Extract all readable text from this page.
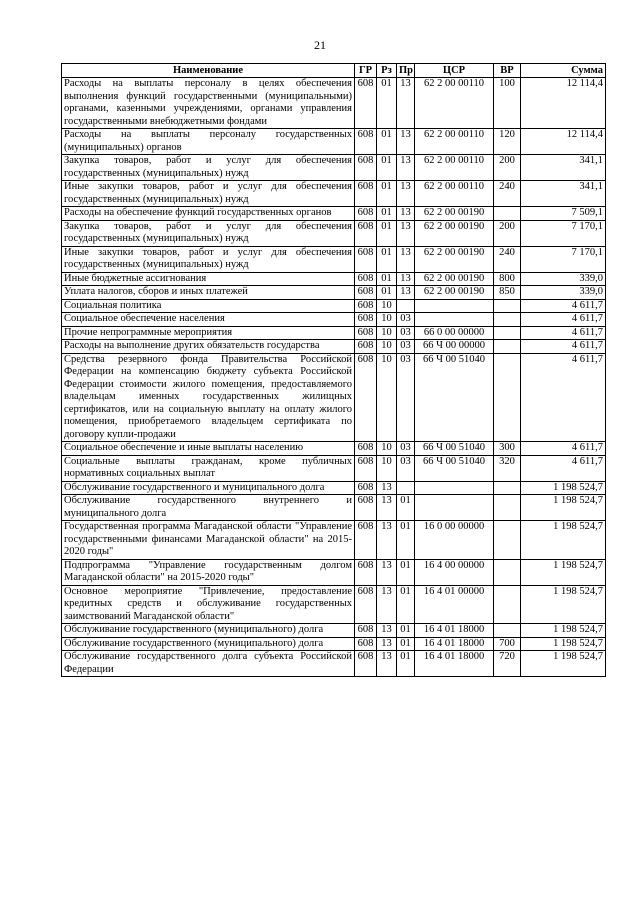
21
Наименование	ГР	Рз	Пр	ЦСР	ВР	Сумма
Расходы на выплаты персоналу в целях обеспечения выполнения функций государственными (муниципальными) органами, казенными учреждениями, органами управления государственными внебюджетными фондами	608	01	13	62 2 00 00110	100	12 114,4
Расходы на выплаты персоналу государственных (муниципальных) органов	608	01	13	62 2 00 00110	120	12 114,4
Закупка товаров, работ и услуг для обеспечения государственных (муниципальных) нужд	608	01	13	62 2 00 00110	200	341,1
Иные закупки товаров, работ и услуг для обеспечения государственных (муниципальных) нужд	608	01	13	62 2 00 00110	240	341,1
Расходы на обеспечение функций государственных органов	608	01	13	62 2 00 00190		7 509,1
Закупка товаров, работ и услуг для обеспечения государственных (муниципальных) нужд	608	01	13	62 2 00 00190	200	7 170,1
Иные закупки товаров, работ и услуг для обеспечения государственных (муниципальных) нужд	608	01	13	62 2 00 00190	240	7 170,1
Иные бюджетные ассигнования	608	01	13	62 2 00 00190	800	339,0
Уплата налогов, сборов и иных платежей	608	01	13	62 2 00 00190	850	339,0
Социальная политика	608	10				4 611,7
Социальное обеспечение населения	608	10	03			4 611,7
Прочие непрограммные мероприятия	608	10	03	66 0 00 00000		4 611,7
Расходы на выполнение других обязательств государства	608	10	03	66 Ч 00 00000		4 611,7
Средства резервного фонда Правительства Российской Федерации на компенсацию бюджету субъекта Российской Федерации стоимости жилого помещения, предоставляемого владельцам именных государственных жилищных сертификатов, или на социальную выплату на оплату жилого помещения, приобретаемого владельцем сертификата по договору купли-продажи	608	10	03	66 Ч 00 51040		4 611,7
Социальное обеспечение и иные выплаты населению	608	10	03	66 Ч 00 51040	300	4 611,7
Социальные выплаты гражданам, кроме публичных нормативных социальных выплат	608	10	03	66 Ч 00 51040	320	4 611,7
Обслуживание государственного и муниципального долга	608	13				1 198 524,7
Обслуживание государственного внутреннего и муниципального долга	608	13	01			1 198 524,7
Государственная программа Магаданской области "Управление государственными финансами Магаданской области" на 2015-2020 годы"	608	13	01	16 0 00 00000		1 198 524,7
Подпрограмма "Управление государственным долгом Магаданской области" на 2015-2020 годы"	608	13	01	16 4 00 00000		1 198 524,7
Основное мероприятие "Привлечение, предоставление кредитных средств и обслуживание государственных заимствований Магаданской области"	608	13	01	16 4 01 00000		1 198 524,7
Обслуживание государственного (муниципального) долга	608	13	01	16 4 01 18000		1 198 524,7
Обслуживание государственного (муниципального) долга	608	13	01	16 4 01 18000	700	1 198 524,7
Обслуживание государственного долга субъекта Российской Федерации	608	13	01	16 4 01 18000	720	1 198 524,7
